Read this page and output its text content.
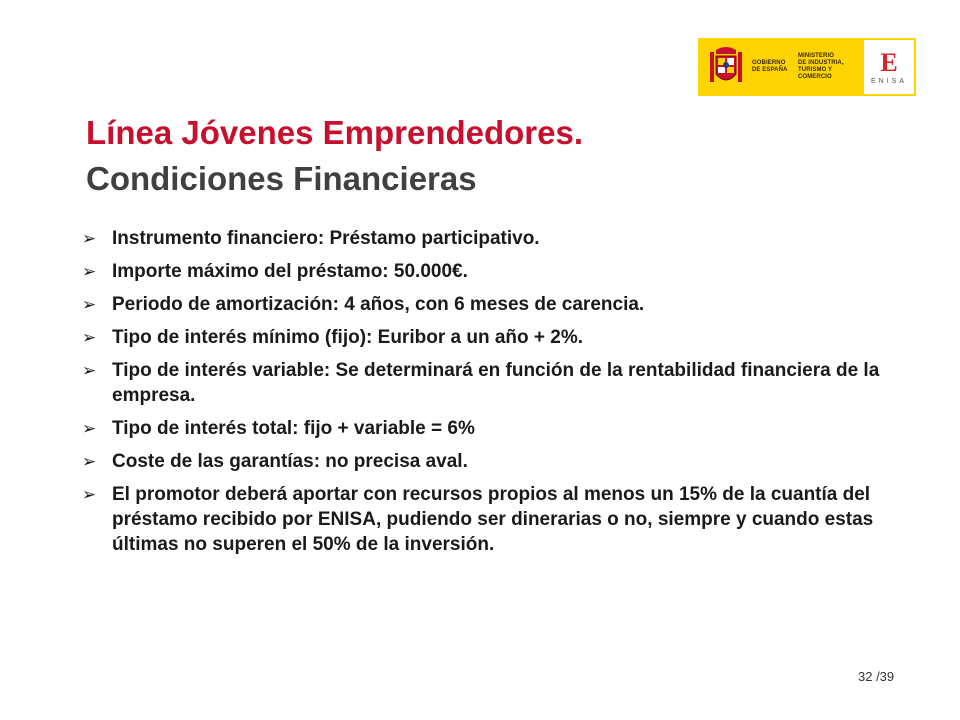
GOBIERNO
DE ESPAÑA
MINISTERIO
DE INDUSTRIA,
TURISMO Y COMERCIO
E
ENISA
Línea Jóvenes Emprendedores.
Condiciones Financieras
➢ Instrumento financiero: Préstamo participativo.
➢ Importe máximo del préstamo: 50.000€.
➢ Periodo de amortización: 4 años, con 6 meses de carencia.
➢ Tipo de interés mínimo (fijo): Euribor a un año + 2%.
➢ Tipo de interés variable: Se determinará en función de la rentabilidad financiera de la empresa.
➢ Tipo de interés total: fijo + variable = 6%
➢ Coste de las garantías: no precisa aval.
➢ El promotor deberá aportar con recursos propios al menos un 15% de la cuantía del préstamo recibido por ENISA, pudiendo ser dinerarias o no, siempre y cuando estas últimas no superen el 50% de la inversión.
32 /39
